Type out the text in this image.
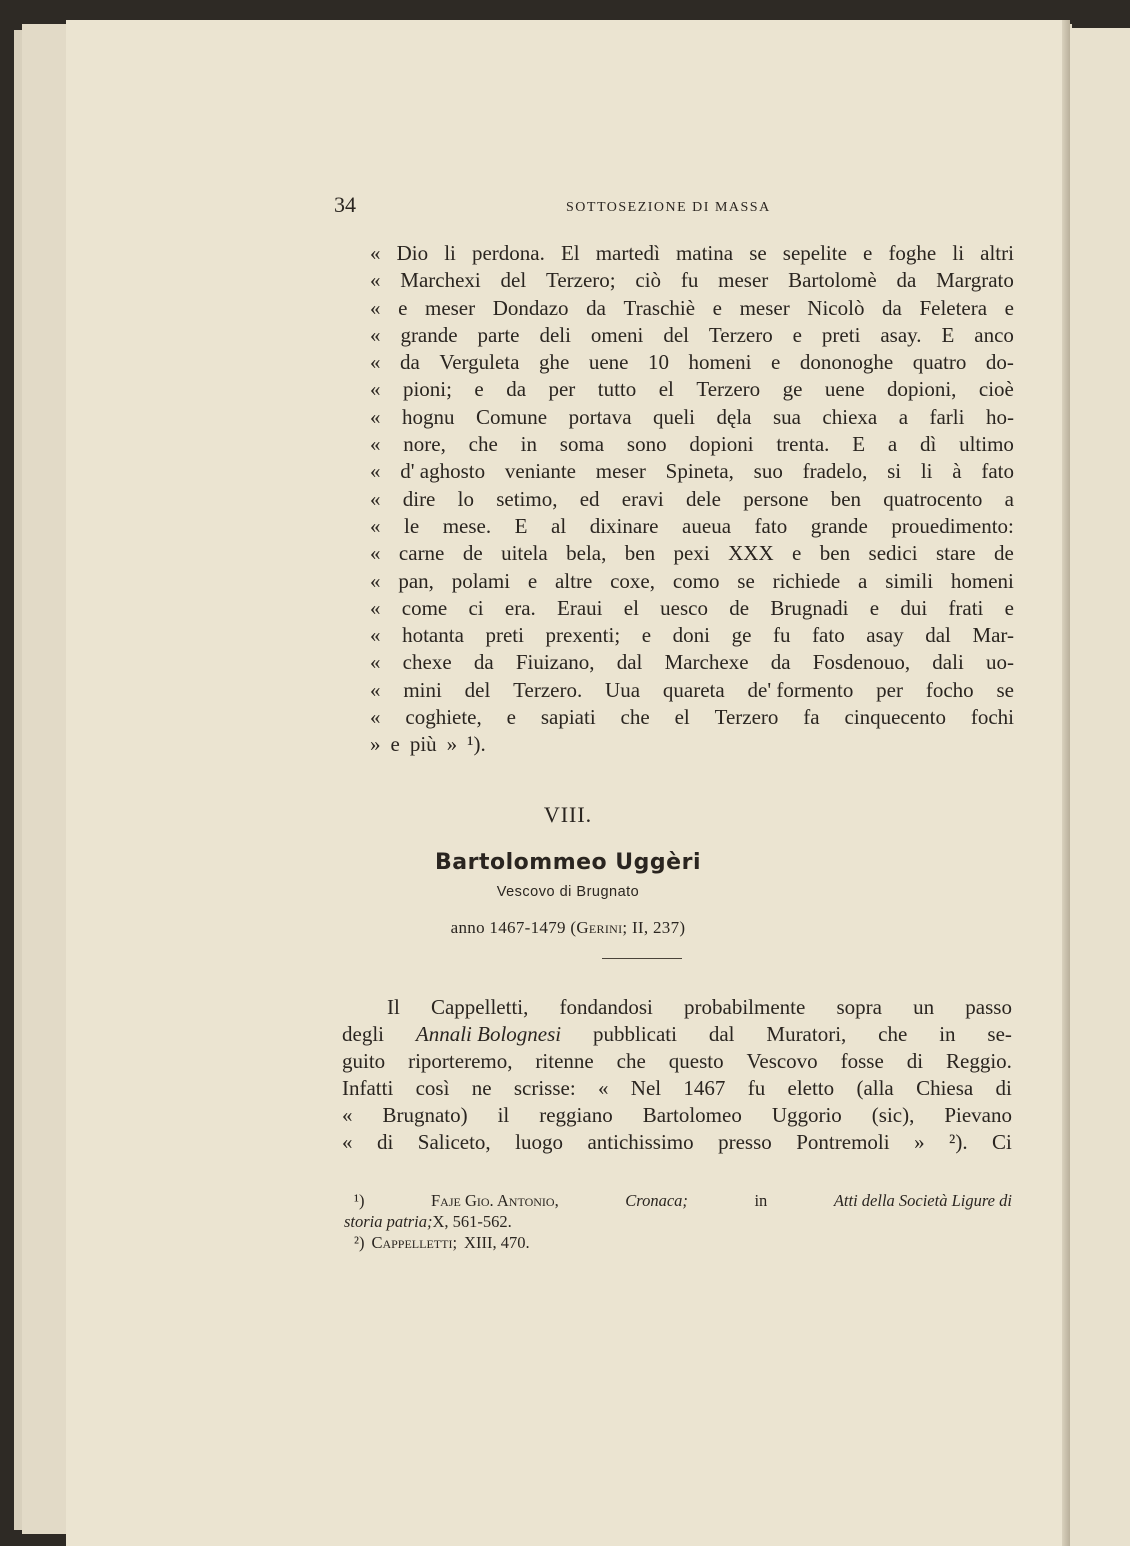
34	SOTTOSEZIONE DI MASSA
« Dio li perdona. El martedì matina se sepelite e foghe li altri
« Marchexi del Terzero; ciò fu meser Bartolomè da Margrato
« e meser Dondazo da Traschiè e meser Nicolò da Feletera e
« grande parte deli omeni del Terzero e preti asay. E anco
« da Verguleta ghe uene 10 homeni e dononoghe quatro do-
« pioni; e da per tutto el Terzero ge uene dopioni, cioè
« hognu Comune portava queli dęla sua chiexa a farli ho-
« nore, che in soma sono dopioni trenta. E a dì ultimo
« d' aghosto veniante meser Spineta, suo fradelo, si li à fato
« dire lo setimo, ed eravi dele persone ben quatrocento a
« le mese. E al dixinare aueua fato grande prouedimento:
« carne de uitela bela, ben pexi XXX e ben sedici stare de
« pan, polami e altre coxe, como se richiede a simili homeni
« come ci era. Eraui el uesco de Brugnadi e dui frati e
« hotanta preti prexenti; e doni ge fu fato asay dal Mar-
« chexe da Fiuizano, dal Marchexe da Fosdenouo, dali uo-
« mini del Terzero. Uua quareta de' formento per focho se
« coghiete, e sapiati che el Terzero fa cinquecento fochi
» e più » ¹).
VIII.
Bartolommeo Uggèri
Vescovo di Brugnato
anno 1467-1479 (Gerini; II, 237)
Il Cappelletti, fondandosi probabilmente sopra un passo
degli Annali Bolognesi pubblicati dal Muratori, che in se-
guito riporteremo, ritenne che questo Vescovo fosse di Reggio.
Infatti così ne scrisse: « Nel 1467 fu eletto (alla Chiesa di
« Brugnato) il reggiano Bartolomeo Uggorio (sic), Pievano
« di Saliceto, luogo antichissimo presso Pontremoli » ²). Ci
¹)	Faje Gio. Antonio,	Cronaca;	in	Atti della Società Ligure di
storia patria; X, 561-562.
²) Cappelletti; XIII, 470.
